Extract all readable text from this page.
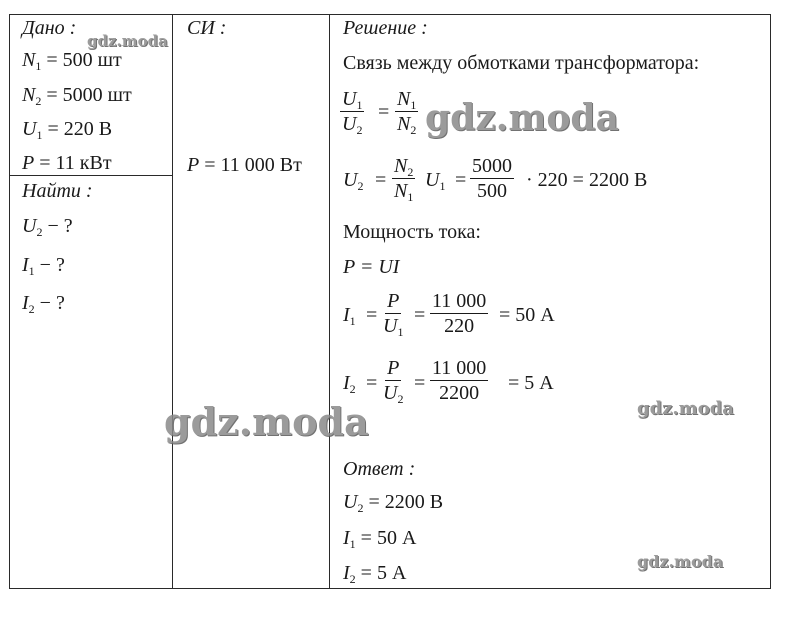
Дано :
$N_1 = 500$ шт
$N_2 = 5000$ шт
$U_1 = 220$ В
P = 11 кВт
Найти :
$U_2$ − ?
$I_1$ − ?
$I_2$ − ?
СИ :
P = 11 000 Вт
Решение :
Связь между обмотками трансформатора:
$\frac{U_1}{U_2} = \frac{N_1}{N_2}$
$U_2 = \frac{N_2}{N_1} U_1 = \frac{5000}{500} \cdot 220 = 2200$ В
Мощность тока:
P = UI
$I_1 = \frac{P}{U_1} = \frac{11 000}{220} = 50$ А
$I_2 = \frac{P}{U_2} = \frac{11 000}{2200} = 5$ А
Ответ :
$U_2 = 2200$ В
$I_1 = 50$ А
$I_2 = 5$ А
gdz.moda
gdz.moda
gdz.moda	gdz.moda
gdz.moda
